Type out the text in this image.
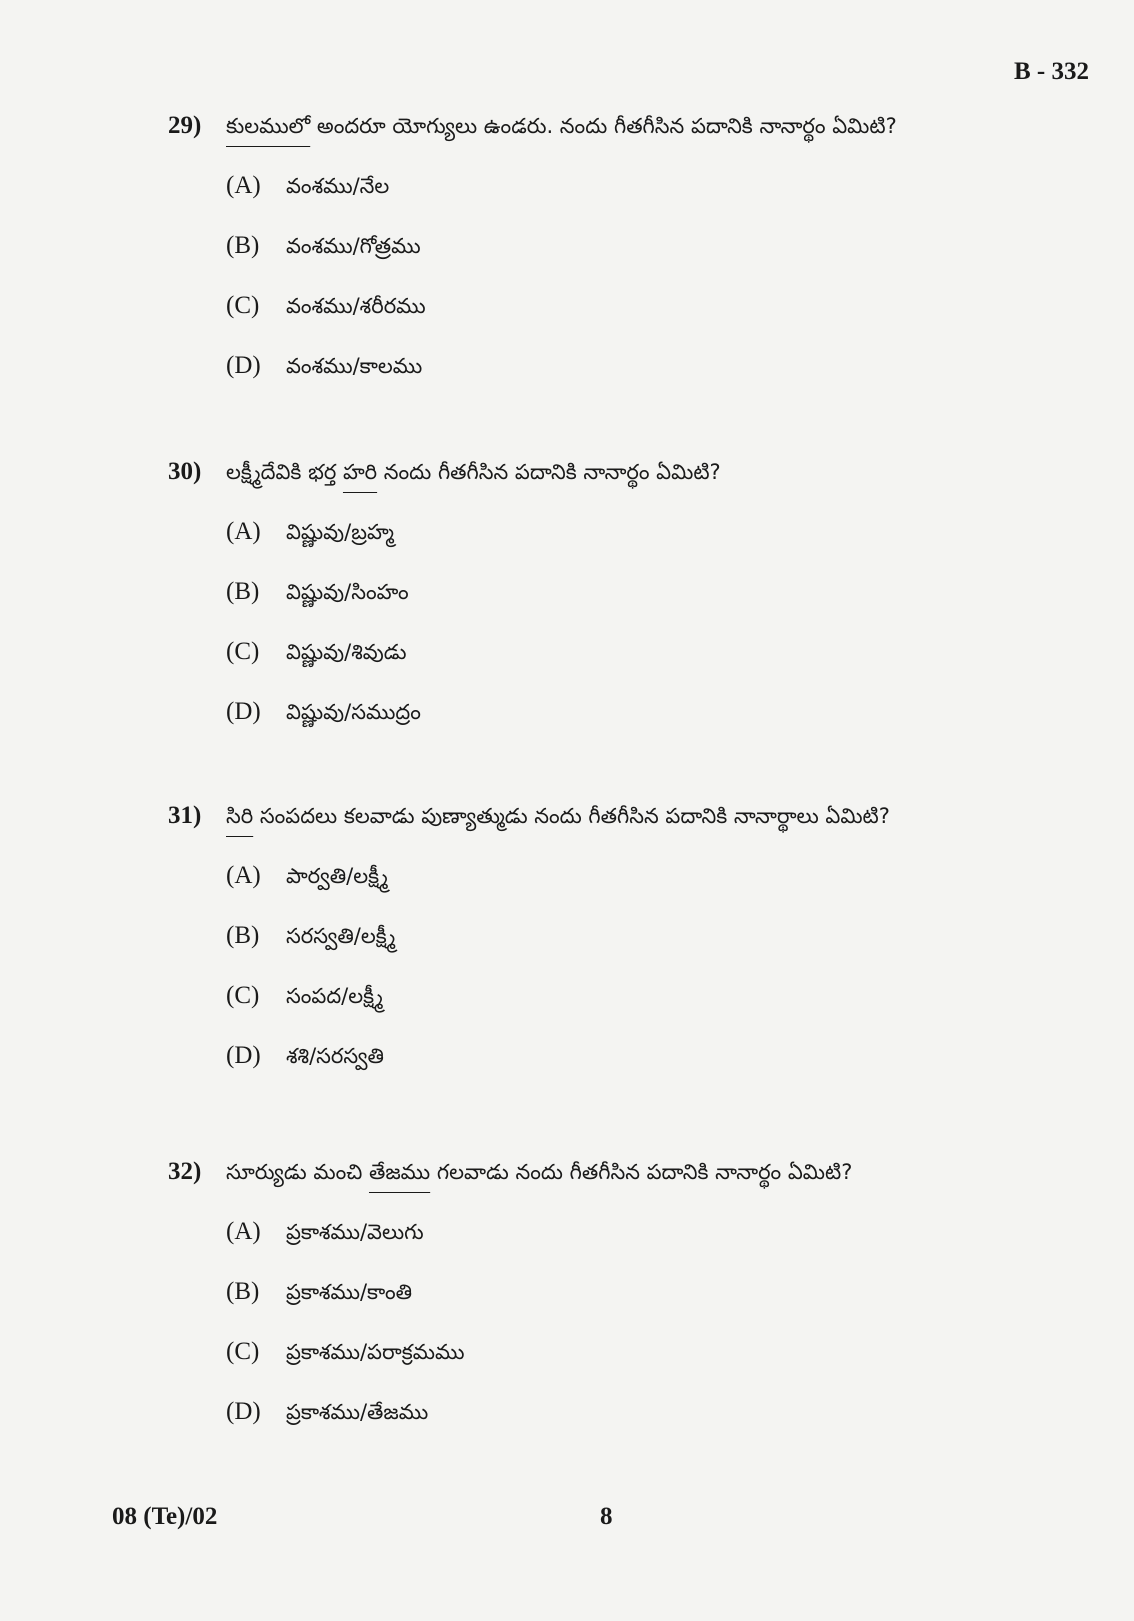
B - 332
29)	కులములో అందరూ యోగ్యులు ఉండరు. నందు గీతగీసిన పదానికి నానార్థం ఏమిటి?
(A)	వంశము/నేల
(B)	వంశము/గోత్రము
(C)	వంశము/శరీరము
(D)	వంశము/కాలము
30)	లక్ష్మీదేవికి భర్త హరి నందు గీతగీసిన పదానికి నానార్థం ఏమిటి?
(A)	విష్ణువు/బ్రహ్మ
(B)	విష్ణువు/సింహం
(C)	విష్ణువు/శివుడు
(D)	విష్ణువు/సముద్రం
31)	సిరి సంపదలు కలవాడు పుణ్యాత్ముడు నందు గీతగీసిన పదానికి నానార్థాలు ఏమిటి?
(A)	పార్వతి/లక్ష్మీ
(B)	సరస్వతి/లక్ష్మీ
(C)	సంపద/లక్ష్మీ
(D)	శశి/సరస్వతి
32)	సూర్యుడు మంచి తేజము గలవాడు నందు గీతగీసిన పదానికి నానార్థం ఏమిటి?
(A)	ప్రకాశము/వెలుగు
(B)	ప్రకాశము/కాంతి
(C)	ప్రకాశము/పరాక్రమము
(D)	ప్రకాశము/తేజము
08 (Te)/02	8
